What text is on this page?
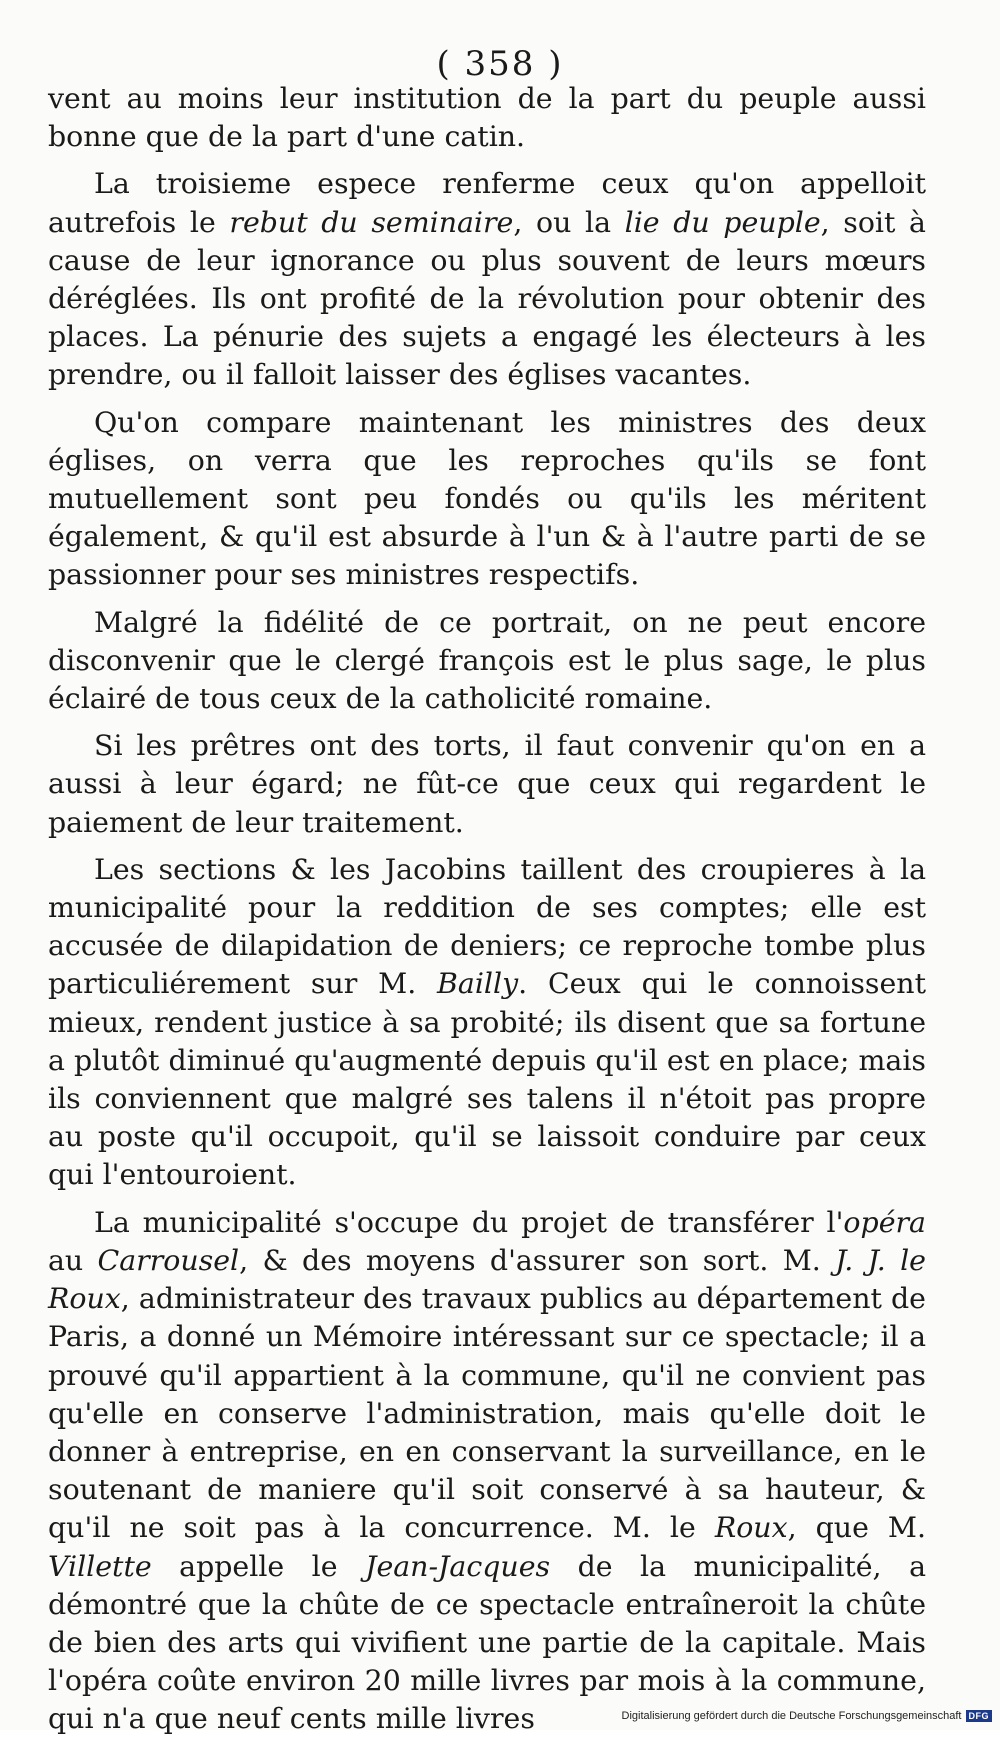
( 358 )

vent au moins leur institution de la part du peuple aussi bonne que de la part d'une catin.

La troisieme espece renferme ceux qu'on appelloit autrefois le rebut du seminaire, ou la lie du peuple, soit à cause de leur ignorance ou plus souvent de leurs mœurs déréglées. Ils ont profité de la révolution pour obtenir des places. La pénurie des sujets a engagé les électeurs à les prendre, ou il falloit laisser des églises vacantes.

Qu'on compare maintenant les ministres des deux églises, on verra que les reproches qu'ils se font mutuellement sont peu fondés ou qu'ils les méritent également, & qu'il est absurde à l'un & à l'autre parti de se passionner pour ses ministres respectifs.

Malgré la fidélité de ce portrait, on ne peut encore disconvenir que le clergé françois est le plus sage, le plus éclairé de tous ceux de la catholicité romaine.

Si les prêtres ont des torts, il faut convenir qu'on en a aussi à leur égard; ne fût-ce que ceux qui regardent le paiement de leur traitement.

Les sections & les Jacobins taillent des croupieres à la municipalité pour la reddition de ses comptes; elle est accusée de dilapidation de deniers; ce reproche tombe plus particuliérement sur M. Bailly. Ceux qui le connoissent mieux, rendent justice à sa probité; ils disent que sa fortune a plutôt diminué qu'augmenté depuis qu'il est en place; mais ils conviennent que malgré ses talens il n'étoit pas propre au poste qu'il occupoit, qu'il se laissoit conduire par ceux qui l'entouroient.

La municipalité s'occupe du projet de transférer l'opéra au Carrousel, & des moyens d'assurer son sort. M. J. J. le Roux, administrateur des travaux publics au département de Paris, a donné un Mémoire intéressant sur ce spectacle; il a prouvé qu'il appartient à la commune, qu'il ne convient pas qu'elle en conserve l'administration, mais qu'elle doit le donner à entreprise, en en conservant la surveillance, en le soutenant de maniere qu'il soit conservé à sa hauteur, & qu'il ne soit pas à la concurrence. M. le Roux, que M. Villette appelle le Jean-Jacques de la municipalité, a démontré que la chûte de ce spectacle entraîneroit la chûte de bien des arts qui vivifient une partie de la capitale. Mais l'opéra coûte environ 20 mille livres par mois à la commune, qui n'a que neuf cents mille livres	Digitalisierung gefördert durch die Deutsche Forschungsgemeinschaft DFG
